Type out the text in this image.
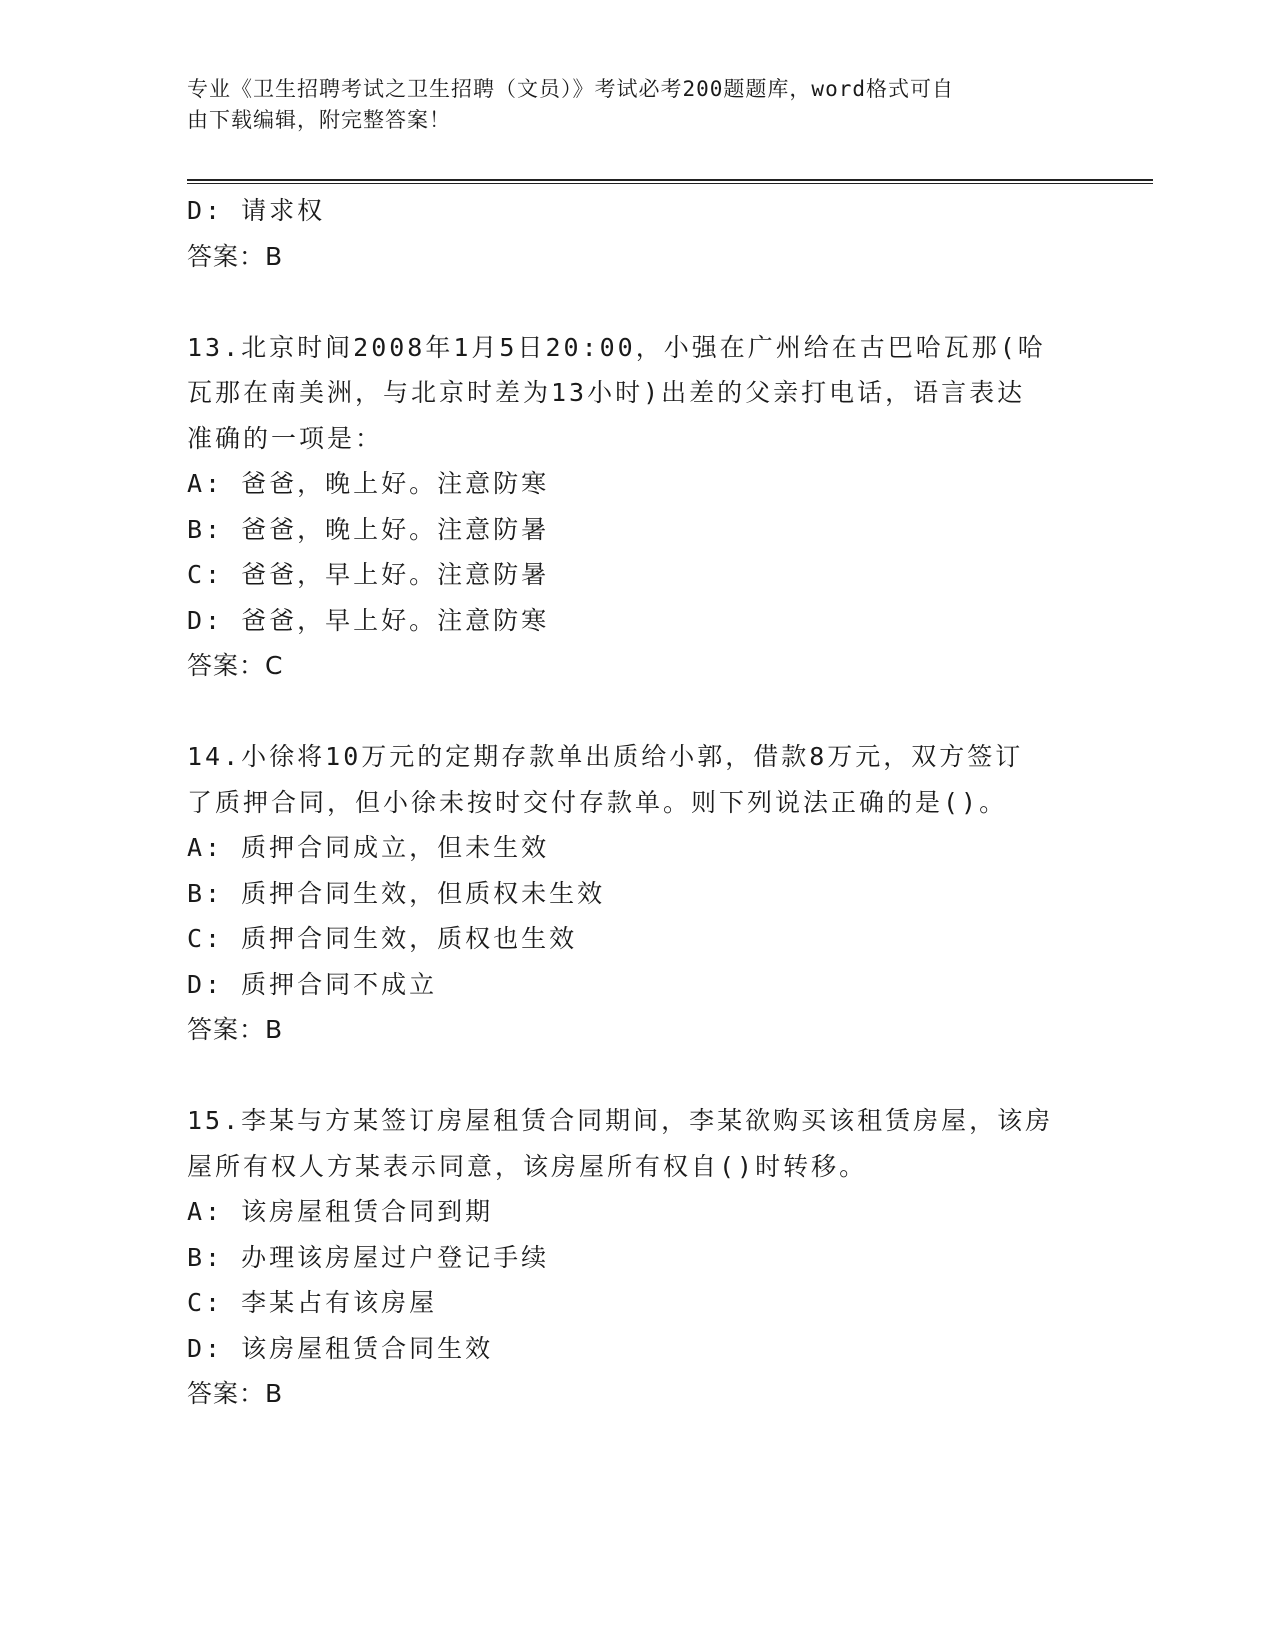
专业《卫生招聘考试之卫生招聘（文员）》考试必考200题题库，word格式可自
由下载编辑，附完整答案！
D: 请求权
答案：B
13.北京时间2008年1月5日20:00，小强在广州给在古巴哈瓦那(哈
瓦那在南美洲，与北京时差为13小时)出差的父亲打电话，语言表达
准确的一项是：
A: 爸爸，晚上好。注意防寒
B: 爸爸，晚上好。注意防暑
C: 爸爸，早上好。注意防暑
D: 爸爸，早上好。注意防寒
答案：C
14.小徐将10万元的定期存款单出质给小郭，借款8万元，双方签订
了质押合同，但小徐未按时交付存款单。则下列说法正确的是()。
A: 质押合同成立，但未生效
B: 质押合同生效，但质权未生效
C: 质押合同生效，质权也生效
D: 质押合同不成立
答案：B
15.李某与方某签订房屋租赁合同期间，李某欲购买该租赁房屋，该房
屋所有权人方某表示同意，该房屋所有权自()时转移。
A: 该房屋租赁合同到期
B: 办理该房屋过户登记手续
C: 李某占有该房屋
D: 该房屋租赁合同生效
答案：B
